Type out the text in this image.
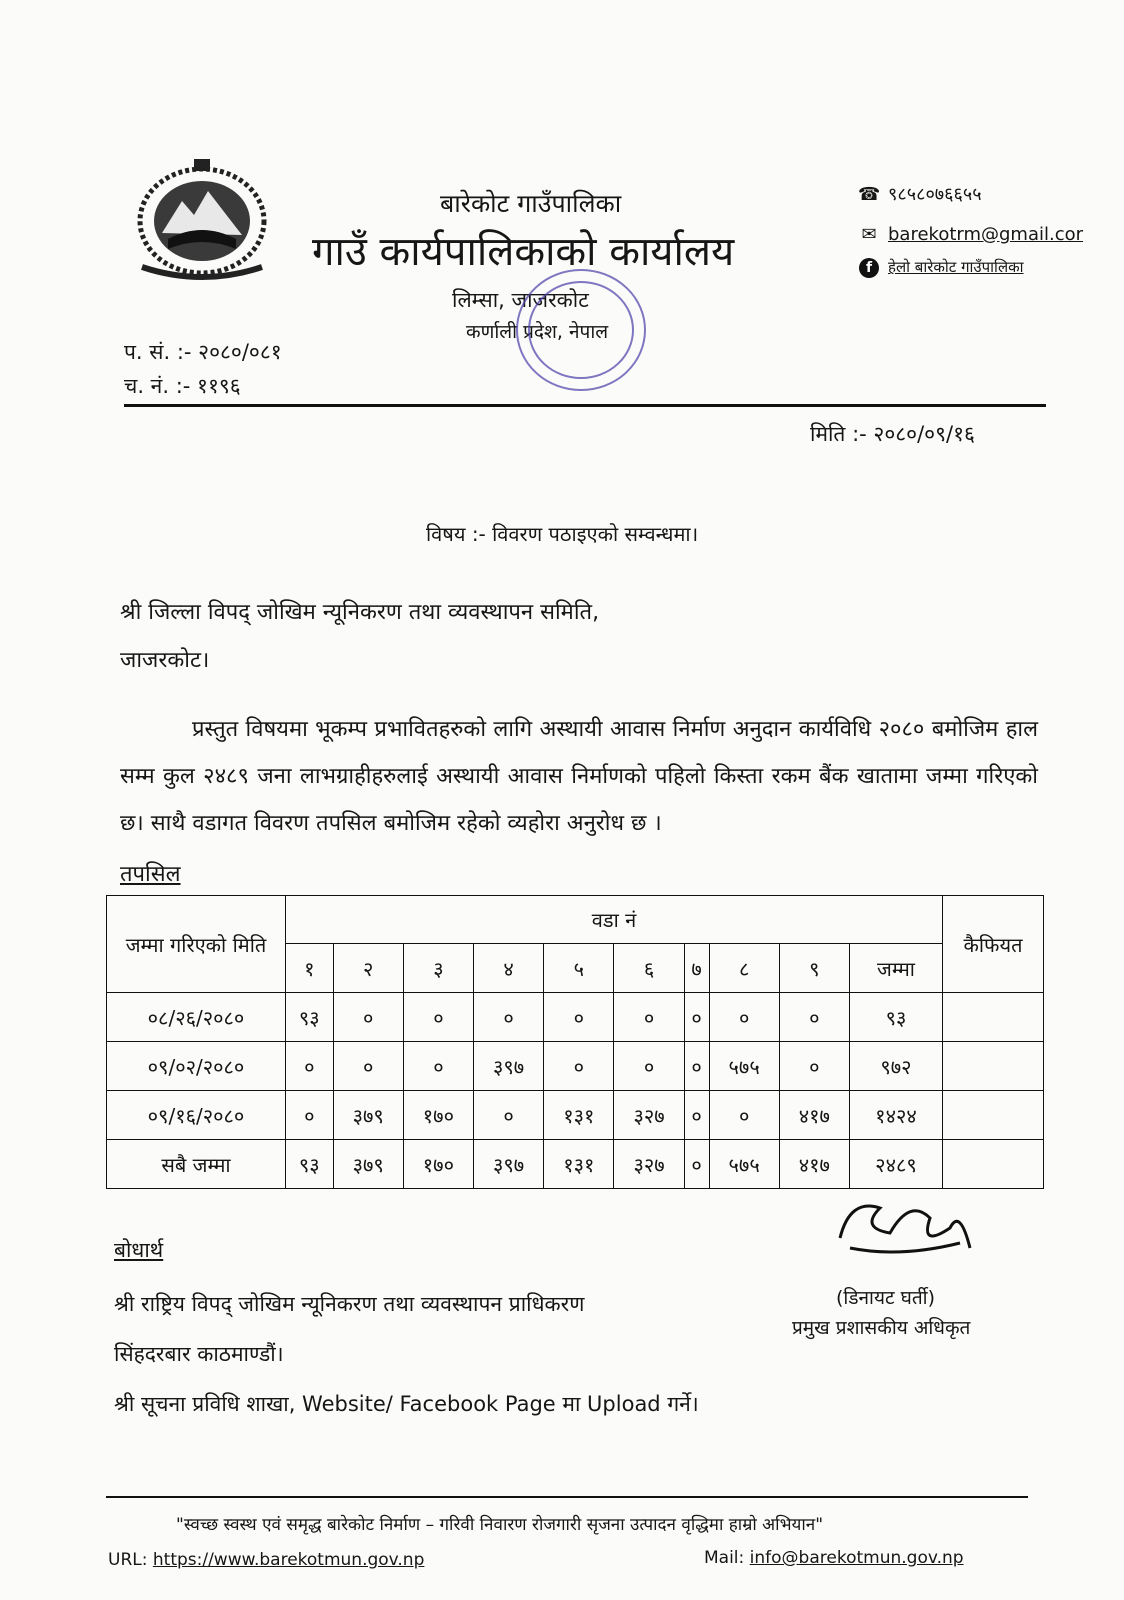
बारेकोट गाउँपालिका
गाउँ कार्यपालिकाको कार्यालय
लिम्सा, जाजरकोट
कर्णाली प्रदेश, नेपाल
☎ ९८५८०७६६५५
✉ barekotrm@gmail.cor
f	हेलो बारेकोट गाउँपालिका
प. सं. :- २०८०/०८१
च. नं. :- ११९६
मिति :- २०८०/०९/१६
विषय :- विवरण पठाइएको सम्वन्धमा।
श्री जिल्ला विपद् जोखिम न्यूनिकरण तथा व्यवस्थापन समिति,
जाजरकोट।
प्रस्तुत विषयमा भूकम्प प्रभावितहरुको लागि अस्थायी आवास निर्माण अनुदान कार्यविधि २०८० बमोजिम हाल सम्म कुल २४८९ जना लाभग्राहीहरुलाई अस्थायी आवास निर्माणको पहिलो किस्ता रकम बैंक खातामा जम्मा गरिएको छ। साथै वडागत विवरण तपसिल बमोजिम रहेको व्यहोरा अनुरोध छ ।
तपसिल
जम्मा गरिएको मिति	वडा नं										कैफियत
	१	२	३	४	५	६	७	८	९	जम्मा	
०८/२६/२०८०	९३	०	०	०	०	०	०	०	०	९३	
०९/०२/२०८०	०	०	०	३९७	०	०	०	५७५	०	९७२	
०९/१६/२०८०	०	३७९	१७०	०	१३१	३२७	०	०	४१७	१४२४	
सबै जम्मा	९३	३७९	१७०	३९७	१३१	३२७	०	५७५	४१७	२४८९	
बोधार्थ
श्री राष्ट्रिय विपद् जोखिम न्यूनिकरण तथा व्यवस्थापन प्राधिकरण
सिंहदरबार काठमाण्डौं।
श्री सूचना प्रविधि शाखा, Website/ Facebook Page मा Upload गर्ने।
(डिनायट घर्ती)
प्रमुख प्रशासकीय अधिकृत
"स्वच्छ स्वस्थ एवं समृद्ध बारेकोट निर्माण – गरिवी निवारण रोजगारी सृजना उत्पादन वृद्धिमा हाम्रो अभियान"
URL: https://www.barekotmun.gov.np	Mail: info@barekotmun.gov.np
